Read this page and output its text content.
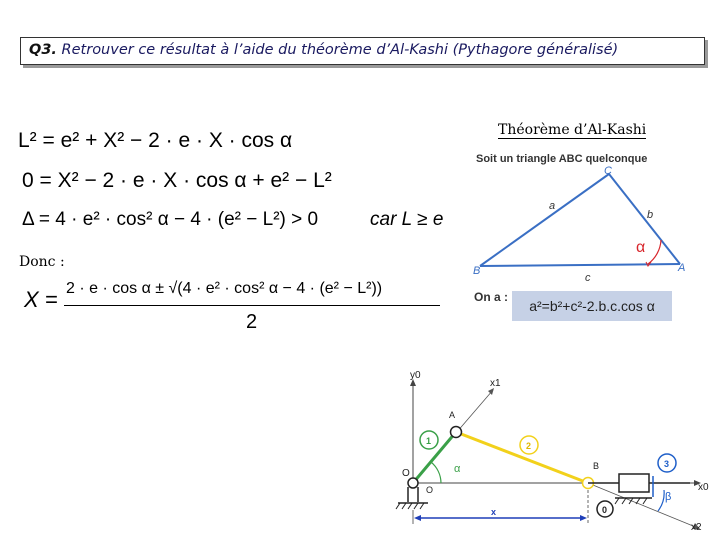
Q3. Retrouver ce résultat à l’aide du théorème d’Al-Kashi (Pythagore généralisé)
L² = e² + X² − 2 · e · X · cos α
0 = X² − 2 · e · X · cos α + e² − L²
Δ = 4 · e² · cos² α − 4 · (e² − L²) > 0	car L ≥ e
Donc :
X = 2 · e · cos α ± √(4 · e² · cos² α − 4 · (e² − L²))
2
Théorème d’Al-Kashi
Soit un triangle ABC quelconque
On a :
a²=b²+c²-2.b.c.cos α
C
B	A
a
b
c
α
y0
x1
x0
x2
A
B
O
O
α
β
x
1	2
3
0
